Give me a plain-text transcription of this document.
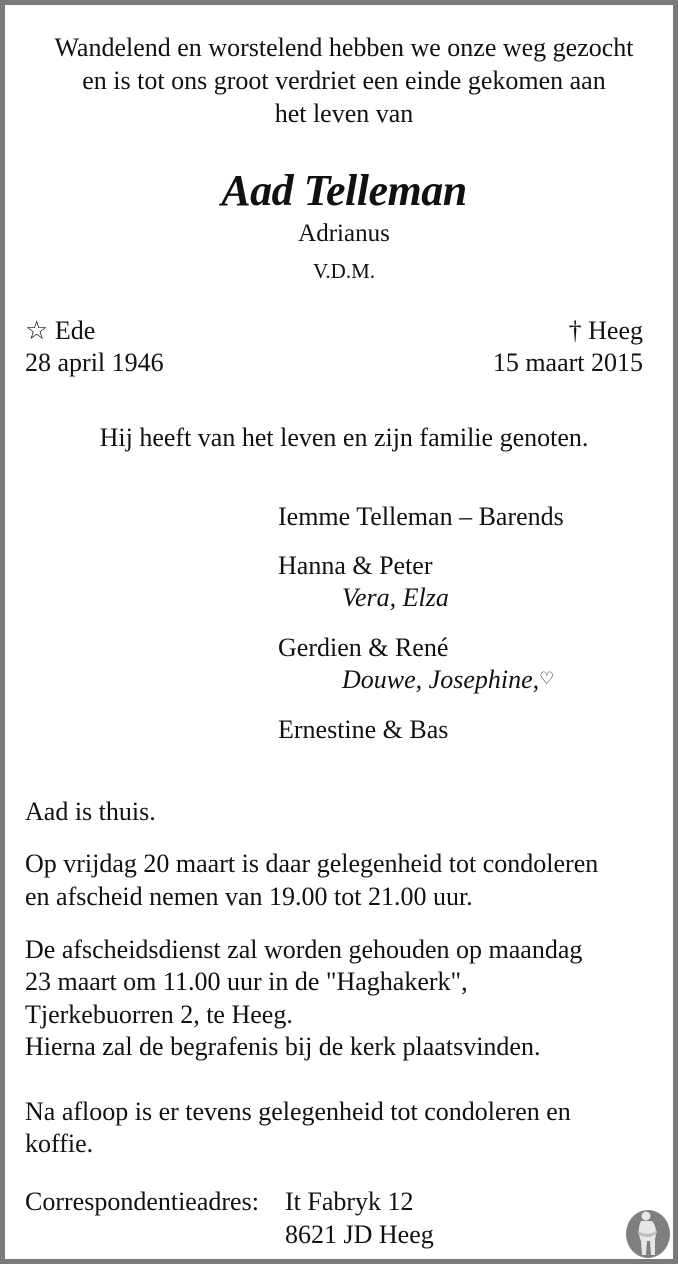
Wandelend en worstelend hebben we onze weg gezocht
en is tot ons groot verdriet een einde gekomen aan
het leven van
Aad Telleman
Adrianus
V.D.M.
☆ Ede
28 april 1946
† Heeg
15 maart 2015
Hij heeft van het leven en zijn familie genoten.
Iemme Telleman – Barends
Hanna & Peter
Vera, Elza
Gerdien & René
Douwe, Josephine,♡
Ernestine & Bas
Aad is thuis.
Op vrijdag 20 maart is daar gelegenheid tot condoleren
en afscheid nemen van 19.00 tot 21.00 uur.
De afscheidsdienst zal worden gehouden op maandag
23 maart om 11.00 uur in de "Haghakerk",
Tjerkebuorren 2, te Heeg.
Hierna zal de begrafenis bij de kerk plaatsvinden.
Na afloop is er tevens gelegenheid tot condoleren en
koffie.
Correspondentieadres: It Fabryk 12
8621 JD Heeg
